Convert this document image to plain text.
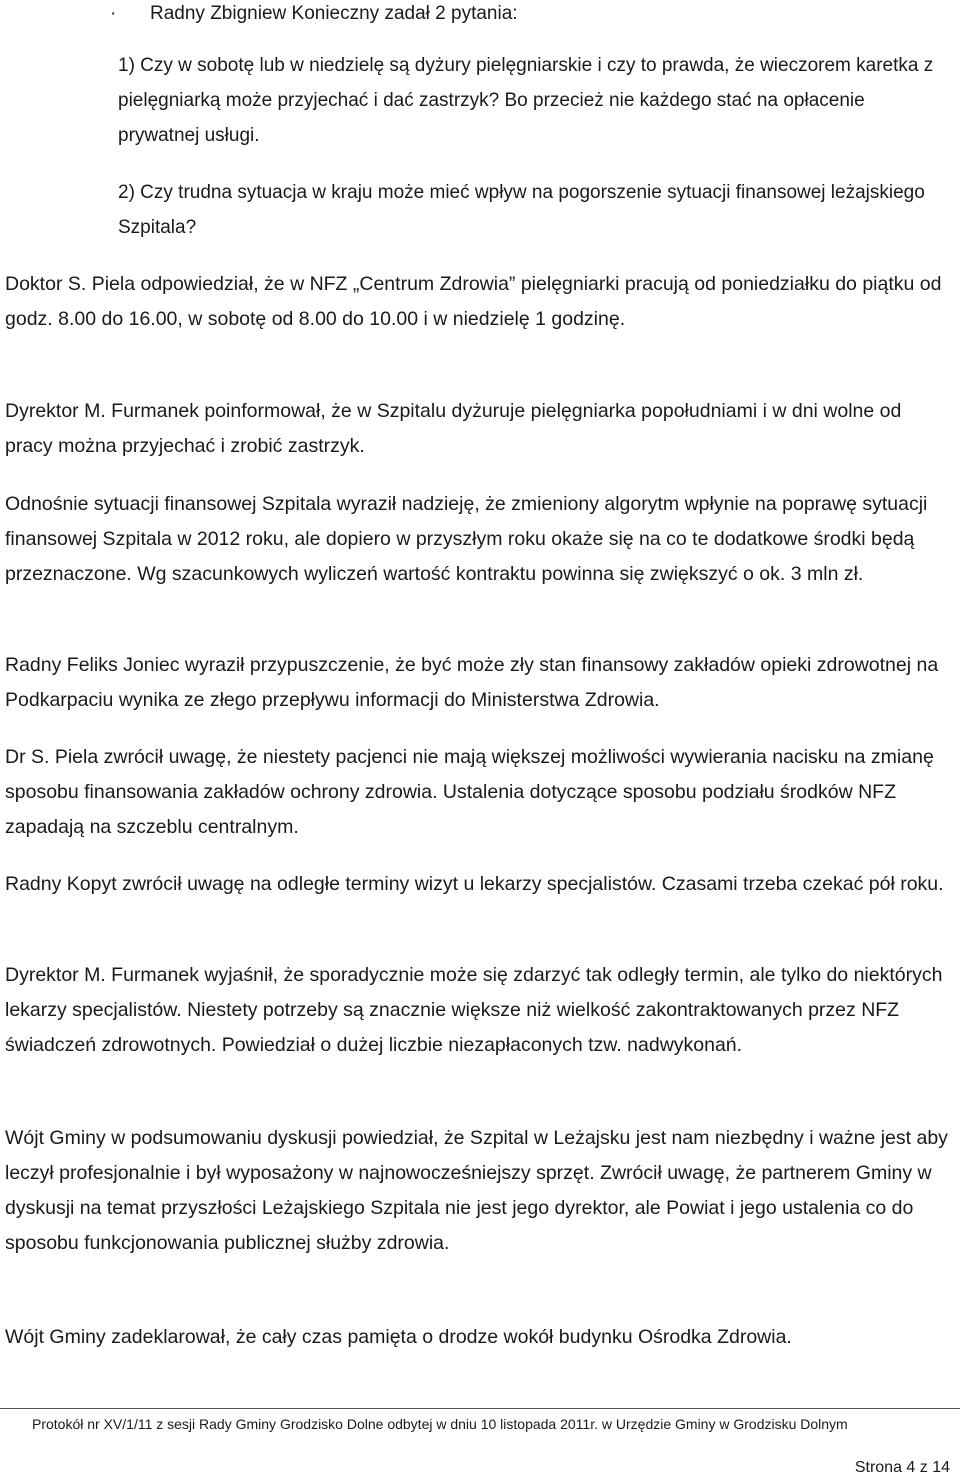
· Radny Zbigniew Konieczny zadał 2 pytania:
1) Czy w sobotę lub w niedzielę są dyżury pielęgniarskie i czy to prawda, że wieczorem karetka z pielęgniarką może przyjechać i dać zastrzyk? Bo przecież nie każdego stać na opłacenie prywatnej usługi.
2) Czy trudna sytuacja w kraju może mieć wpływ na pogorszenie sytuacji finansowej leżajskiego Szpitala?
Doktor S. Piela odpowiedział, że w NFZ „Centrum Zdrowia” pielęgniarki pracują od poniedziałku do piątku od godz. 8.00 do 16.00, w sobotę od 8.00 do 10.00 i w niedzielę 1 godzinę.
Dyrektor M. Furmanek poinformował, że w Szpitalu dyżuruje pielęgniarka popołudniami i w dni wolne od pracy można przyjechać i zrobić zastrzyk.
Odnośnie sytuacji finansowej Szpitala wyraził nadzieję, że zmieniony algorytm wpłynie na poprawę sytuacji finansowej Szpitala w 2012 roku, ale dopiero w przyszłym roku okaże się na co te dodatkowe środki będą przeznaczone. Wg szacunkowych wyliczeń wartość kontraktu powinna się zwiększyć o ok. 3 mln zł.
Radny Feliks Joniec wyraził przypuszczenie, że być może zły stan finansowy zakładów opieki zdrowotnej na Podkarpaciu wynika ze złego przepływu informacji do Ministerstwa Zdrowia.
Dr S. Piela zwrócił uwagę, że niestety pacjenci nie mają większej możliwości wywierania nacisku na zmianę sposobu finansowania zakładów ochrony zdrowia. Ustalenia dotyczące sposobu podziału środków NFZ zapadają na szczeblu centralnym.
Radny Kopyt zwrócił uwagę na odległe terminy wizyt u lekarzy specjalistów. Czasami trzeba czekać pół roku.
Dyrektor M. Furmanek wyjaśnił, że sporadycznie może się zdarzyć tak odległy termin, ale tylko do niektórych lekarzy specjalistów. Niestety potrzeby są znacznie większe niż wielkość zakontraktowanych przez NFZ świadczeń zdrowotnych. Powiedział o dużej liczbie niezapłaconych tzw. nadwykonań.
Wójt Gminy w podsumowaniu dyskusji powiedział, że Szpital w Leżajsku jest nam niezbędny i ważne jest aby leczył profesjonalnie i był wyposażony w najnowocześniejszy sprzęt. Zwrócił uwagę, że partnerem Gminy w dyskusji na temat przyszłości Leżajskiego Szpitala nie jest jego dyrektor, ale Powiat i jego ustalenia co do sposobu funkcjonowania publicznej służby zdrowia.
Wójt Gminy zadeklarował, że cały czas pamięta o drodze wokół budynku Ośrodka Zdrowia.
Protokół nr XV/1/11 z sesji Rady Gminy Grodzisko Dolne odbytej w dniu 10 listopada 2011r. w Urzędzie Gminy w Grodzisku Dolnym
Strona 4 z 14
